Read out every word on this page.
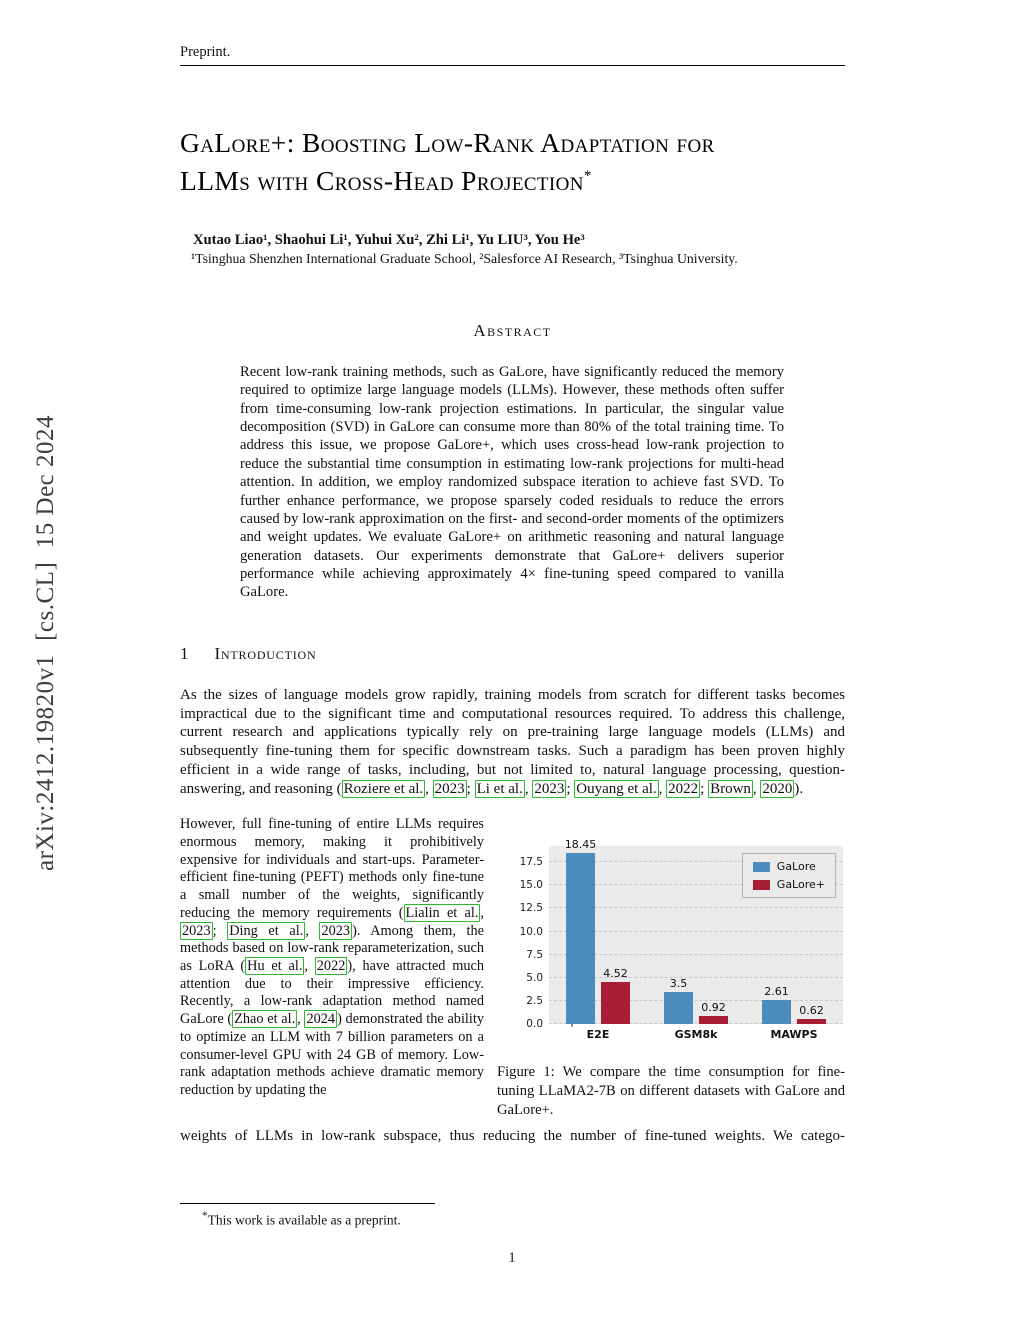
arXiv:2412.19820v1  [cs.CL]  15 Dec 2024
Preprint.
GaLore+: Boosting Low-Rank Adaptation for
LLMs with Cross-Head Projection*
Xutao Liao¹, Shaohui Li¹, Yuhui Xu², Zhi Li¹, Yu LIU³, You He³
¹Tsinghua Shenzhen International Graduate School, ²Salesforce AI Research, ³Tsinghua University.
Abstract

Recent low-rank training methods, such as GaLore, have significantly reduced the memory required to optimize large language models (LLMs). However, these methods often suffer from time-consuming low-rank projection estimations. In particular, the singular value decomposition (SVD) in GaLore can consume more than 80% of the total training time. To address this issue, we propose GaLore+, which uses cross-head low-rank projection to reduce the substantial time consumption in estimating low-rank projections for multi-head attention. In addition, we employ randomized subspace iteration to achieve fast SVD. To further enhance performance, we propose sparsely coded residuals to reduce the errors caused by low-rank approximation on the first- and second-order moments of the optimizers and weight updates. We evaluate GaLore+ on arithmetic reasoning and natural language generation datasets. Our experiments demonstrate that GaLore+ delivers superior performance while achieving approximately 4× fine-tuning speed compared to vanilla GaLore.

1 Introduction

As the sizes of language models grow rapidly, training models from scratch for different tasks becomes impractical due to the significant time and computational resources required. To address this challenge, current research and applications typically rely on pre-training large language models (LLMs) and subsequently fine-tuning them for specific downstream tasks. Such a paradigm has been proven highly efficient in a wide range of tasks, including, but not limited to, natural language processing, question-answering, and reasoning ( Roziere et al. , 2023 ; Li et al. , 2023 ; Ouyang et al. , 2022 ; Brown , 2020 ).

However, full fine-tuning of entire LLMs requires enormous memory, making it prohibitively expensive for individuals and start-ups. Parameter-efficient fine-tuning (PEFT) methods only fine-tune a small number of the weights, significantly reducing the memory requirements ( Lialin et al. , 2023 ; Ding et al. , 2023 ). Among them, the methods based on low-rank reparameterization, such as LoRA ( Hu et al. , 2022 ), have attracted much attention due to their impressive efficiency. Recently, a low-rank adaptation method named GaLore ( Zhao et al. , 2024 ) demonstrated the ability to optimize an LLM with 7 billion parameters on a consumer-level GPU with 24 GB of memory. Low-rank adaptation methods achieve dramatic memory reduction by updating the

18.45
4.52
3.5
0.92
2.61
0.62
GaLore
GaLore+
0.0
2.5
5.0
7.5
10.0
12.5
15.0
17.5
E2E	GSM8k	MAWPS
Figure 1: We compare the time consumption for fine-tuning LLaMA2-7B on different datasets with GaLore and GaLore+.

weights of LLMs in low-rank subspace, thus reducing the number of fine-tuned weights. We catego-

*This work is available as a preprint.
1
